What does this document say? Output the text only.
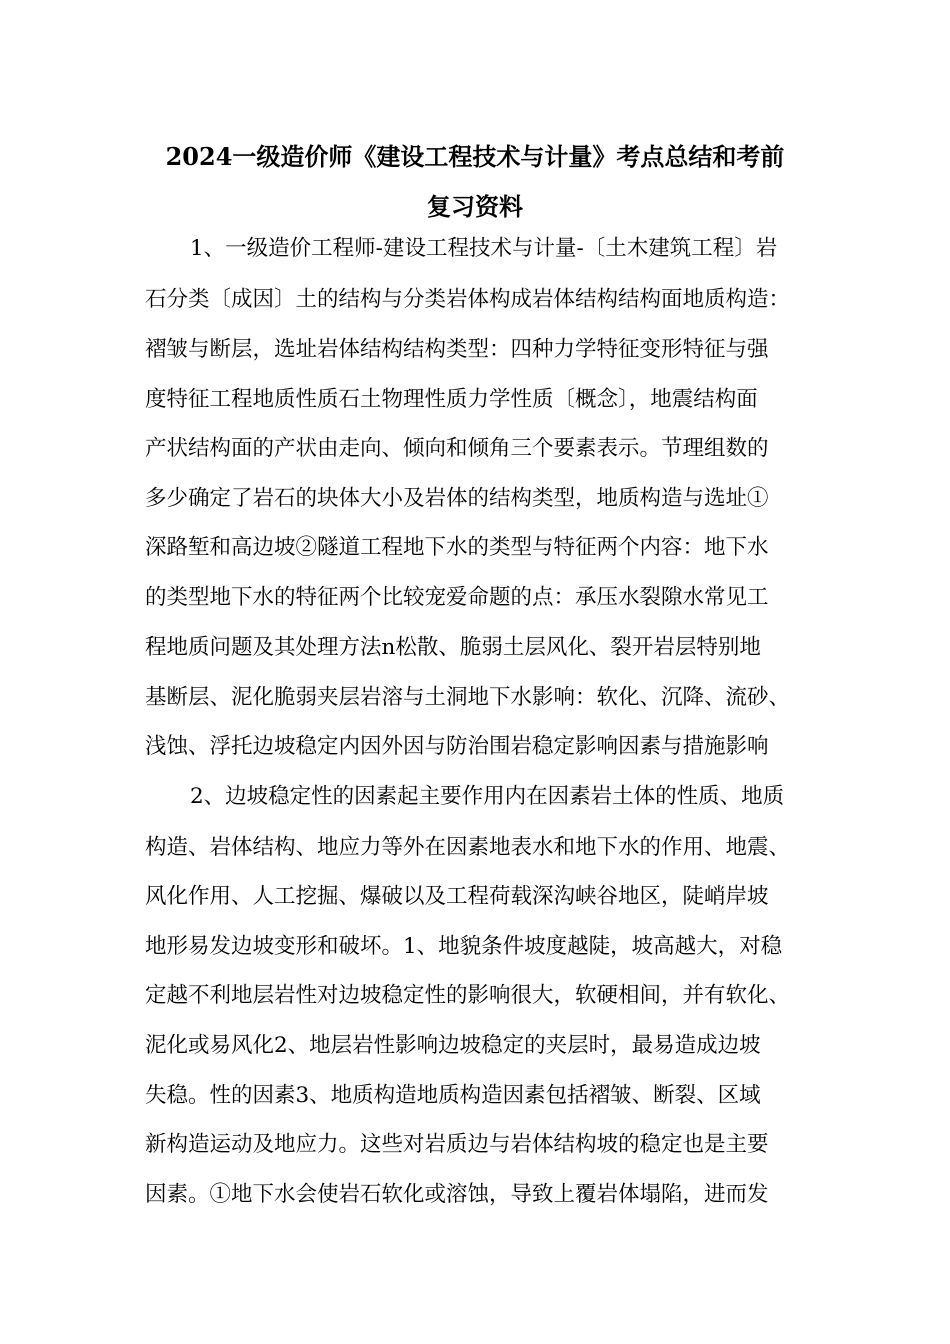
2024一级造价师《建设工程技术与计量》考点总结和考前
复习资料
1、一级造价工程师-建设工程技术与计量-〔土木建筑工程〕岩
石分类〔成因〕土的结构与分类岩体构成岩体结构结构面地质构造：
褶皱与断层，选址岩体结构结构类型：四种力学特征变形特征与强
度特征工程地质性质石土物理性质力学性质〔概念〕，地震结构面
产状结构面的产状由走向、倾向和倾角三个要素表示。节理组数的
多少确定了岩石的块体大小及岩体的结构类型，地质构造与选址①
深路堑和高边坡②隧道工程地下水的类型与特征两个内容：地下水
的类型地下水的特征两个比较宠爱命题的点：承压水裂隙水常见工
程地质问题及其处理方法n松散、脆弱土层风化、裂开岩层特别地
基断层、泥化脆弱夹层岩溶与土洞地下水影响：软化、沉降、流砂、
浅蚀、浮托边坡稳定内因外因与防治围岩稳定影响因素与措施影响
2、边坡稳定性的因素起主要作用内在因素岩土体的性质、地质
构造、岩体结构、地应力等外在因素地表水和地下水的作用、地震、
风化作用、人工挖掘、爆破以及工程荷载深沟峡谷地区，陡峭岸坡
地形易发边坡变形和破坏。1、地貌条件坡度越陡，坡高越大，对稳
定越不利地层岩性对边坡稳定性的影响很大，软硬相间，并有软化、
泥化或易风化2、地层岩性影响边坡稳定的夹层时，最易造成边坡
失稳。性的因素3、地质构造地质构造因素包括褶皱、断裂、区域
新构造运动及地应力。这些对岩质边与岩体结构坡的稳定也是主要
因素。①地下水会使岩石软化或溶蚀，导致上覆岩体塌陷，进而发
